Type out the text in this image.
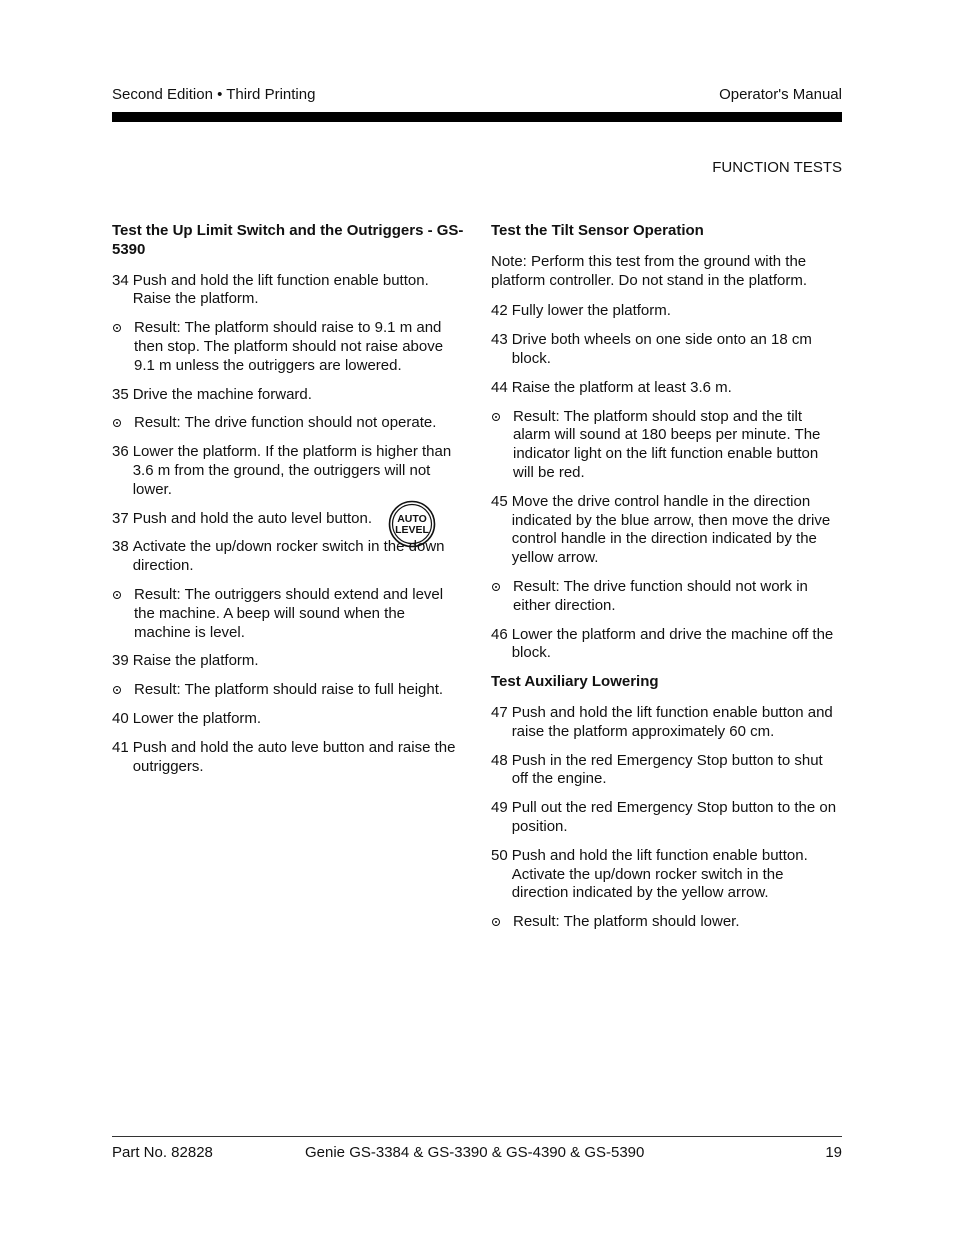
Second Edition • Third Printing	Operator's Manual
FUNCTION TESTS
Test the Up Limit Switch and the Outriggers - GS-5390
34 Push and hold the lift function enable button. Raise the platform.
Result: The platform should raise to 9.1 m and then stop. The platform should not raise above 9.1 m unless the outriggers are lowered.
35 Drive the machine forward.
Result: The drive function should not operate.
36 Lower the platform. If the platform is higher than 3.6 m from the ground, the outriggers will not lower.
37 Push and hold the auto level button.	AUTO
LEVEL
38 Activate the up/down rocker switch in the down direction.
Result: The outriggers should extend and level the machine. A beep will sound when the machine is level.
39 Raise the platform.
Result: The platform should raise to full height.
40 Lower the platform.
41 Push and hold the auto leve button and raise the outriggers.
Test the Tilt Sensor Operation
Note: Perform this test from the ground with the platform controller. Do not stand in the platform.
42 Fully lower the platform.
43 Drive both wheels on one side onto an 18 cm block.
44 Raise the platform at least 3.6 m.
Result: The platform should stop and the tilt alarm will sound at 180 beeps per minute. The indicator light on the lift function enable button will be red.
45 Move the drive control handle in the direction indicated by the blue arrow, then move the drive control handle in the direction indicated by the yellow arrow.
Result: The drive function should not work in either direction.
46 Lower the platform and drive the machine off the block.
Test Auxiliary Lowering
47 Push and hold the lift function enable button and raise the platform approximately 60 cm.
48 Push in the red Emergency Stop button to shut off the engine.
49 Pull out the red Emergency Stop button to the on position.
50 Push and hold the lift function enable button. Activate the up/down rocker switch in the direction indicated by the yellow arrow.
Result: The platform should lower.
Part No. 82828	Genie GS-3384 & GS-3390 & GS-4390 & GS-5390	19
